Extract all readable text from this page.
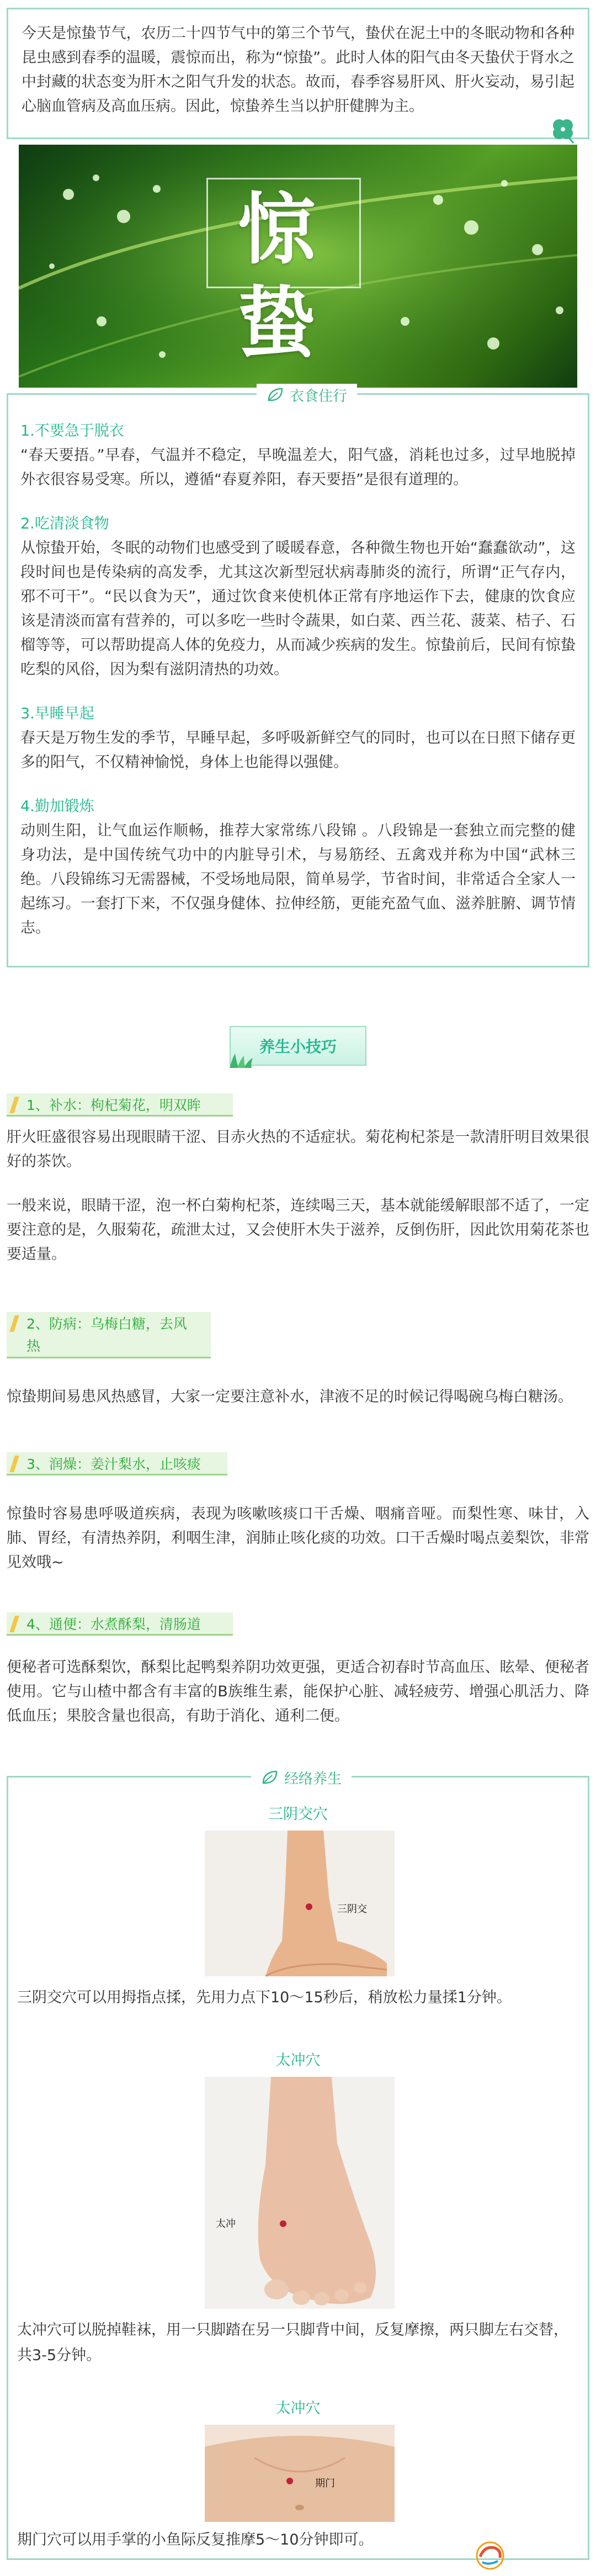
今天是惊蛰节气，农历二十四节气中的第三个节气，蛰伏在泥土中的冬眠动物和各种昆虫感到春季的温暖，震惊而出，称为“惊蛰”。此时人体的阳气由冬天蛰伏于肾水之中封藏的状态变为肝木之阳气升发的状态。故而，春季容易肝风、肝火妄动，易引起心脑血管病及高血压病。因此，惊蛰养生当以护肝健脾为主。

惊蛰
衣食住行
1.不要急于脱衣

“春天要捂。”早春，气温并不稳定，早晚温差大，阳气盛，消耗也过多，过早地脱掉外衣很容易受寒。所以，遵循“春夏养阳，春天要捂”是很有道理的。

2.吃清淡食物

从惊蛰开始，冬眠的动物们也感受到了暖暖春意，各种微生物也开始“蠢蠢欲动”，这段时间也是传染病的高发季，尤其这次新型冠状病毒肺炎的流行，所谓“正气存内，邪不可干”。“民以食为天”，通过饮食来使机体正常有序地运作下去，健康的饮食应该是清淡而富有营养的，可以多吃一些时令蔬果，如白菜、西兰花、菠菜、桔子、石榴等等，可以帮助提高人体的免疫力，从而减少疾病的发生。惊蛰前后，民间有惊蛰吃梨的风俗，因为梨有滋阴清热的功效。

3.早睡早起

春天是万物生发的季节，早睡早起，多呼吸新鲜空气的同时，也可以在日照下储存更多的阳气，不仅精神愉悦，身体上也能得以强健。

4.勤加锻炼

动则生阳，让气血运作顺畅，推荐大家常练八段锦 。八段锦是一套独立而完整的健身功法，是中国传统气功中的内脏导引术，与易筋经、五禽戏并称为中国“武林三绝。八段锦练习无需器械，不受场地局限，简单易学，节省时间，非常适合全家人一起练习。一套打下来，不仅强身健体、拉伸经筋，更能充盈气血、滋养脏腑、调节情志。

养生小技巧
1、补水：枸杞菊花，明双眸

肝火旺盛很容易出现眼睛干涩、目赤火热的不适症状。菊花枸杞茶是一款清肝明目效果很好的茶饮。

一般来说，眼睛干涩，泡一杯白菊枸杞茶，连续喝三天，基本就能缓解眼部不适了，一定要注意的是，久服菊花，疏泄太过，又会使肝木失于滋养，反倒伤肝，因此饮用菊花茶也要适量。

2、防病：乌梅白糖，去风
热

惊蛰期间易患风热感冒，大家一定要注意补水，津液不足的时候记得喝碗乌梅白糖汤。

3、润燥：姜汁梨水，止咳痰

惊蛰时容易患呼吸道疾病，表现为咳嗽咳痰口干舌燥、咽痛音哑。而梨性寒、味甘，入肺、胃经，有清热养阴，利咽生津，润肺止咳化痰的功效。口干舌燥时喝点姜梨饮，非常见效哦~

4、通便：水煮酥梨，清肠道

便秘者可选酥梨饮，酥梨比起鸭梨养阴功效更强，更适合初春时节高血压、眩晕、便秘者使用。它与山楂中都含有丰富的B族维生素，能保护心脏、减轻疲劳、增强心肌活力、降低血压；果胶含量也很高，有助于消化、通利二便。

经络养生
三阴交穴
三阴交

三阴交穴可以用拇指点揉，先用力点下10～15秒后，稍放松力量揉1分钟。

太冲穴
太冲

太冲穴可以脱掉鞋袜，用一只脚踏在另一只脚背中间，反复摩擦，两只脚左右交替，共3-5分钟。

太冲穴
期门

期门穴可以用手掌的小鱼际反复推摩5～10分钟即可。
